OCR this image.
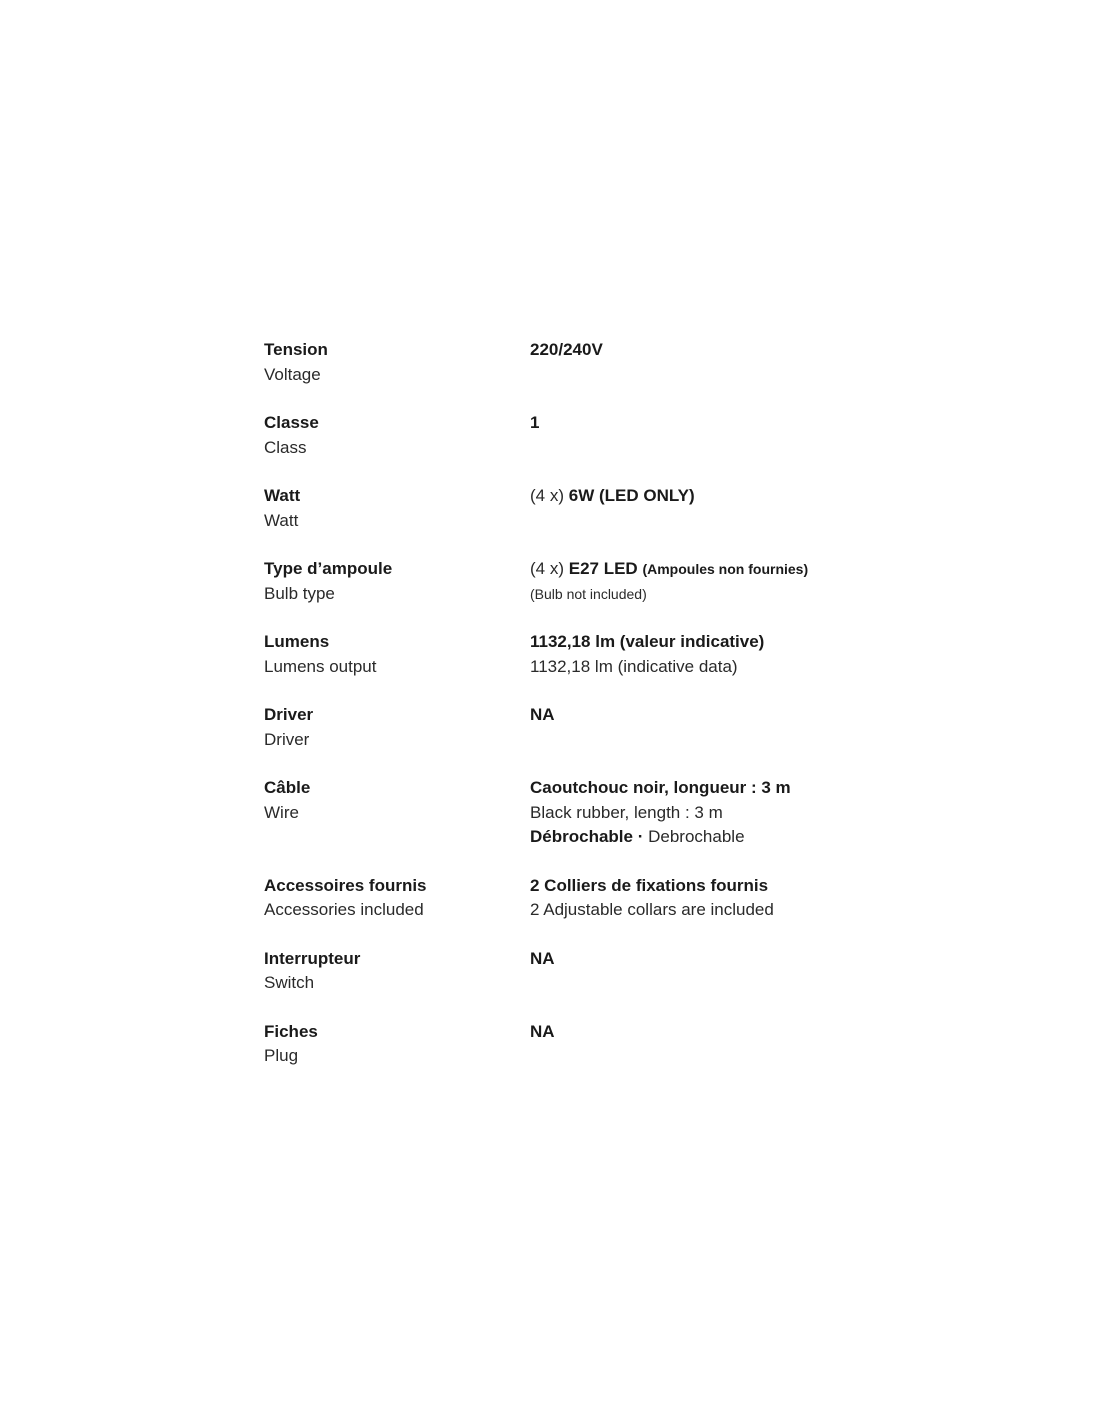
Tension
Voltage
220/240V
Classe
Class
1
Watt
Watt
(4 x) 6W (LED ONLY)
Type d’ampoule
Bulb type
(4 x) E27 LED (Ampoules non fournies)
(Bulb not included)
Lumens
Lumens output
1132,18 lm (valeur indicative)
1132,18 lm (indicative data)
Driver
Driver
NA
Câble
Wire
Caoutchouc noir, longueur : 3 m
Black rubber, length : 3 m
Débrochable · Debrochable
Accessoires fournis
Accessories included
2 Colliers de fixations fournis
2 Adjustable collars are included
Interrupteur
Switch
NA
Fiches
Plug
NA
